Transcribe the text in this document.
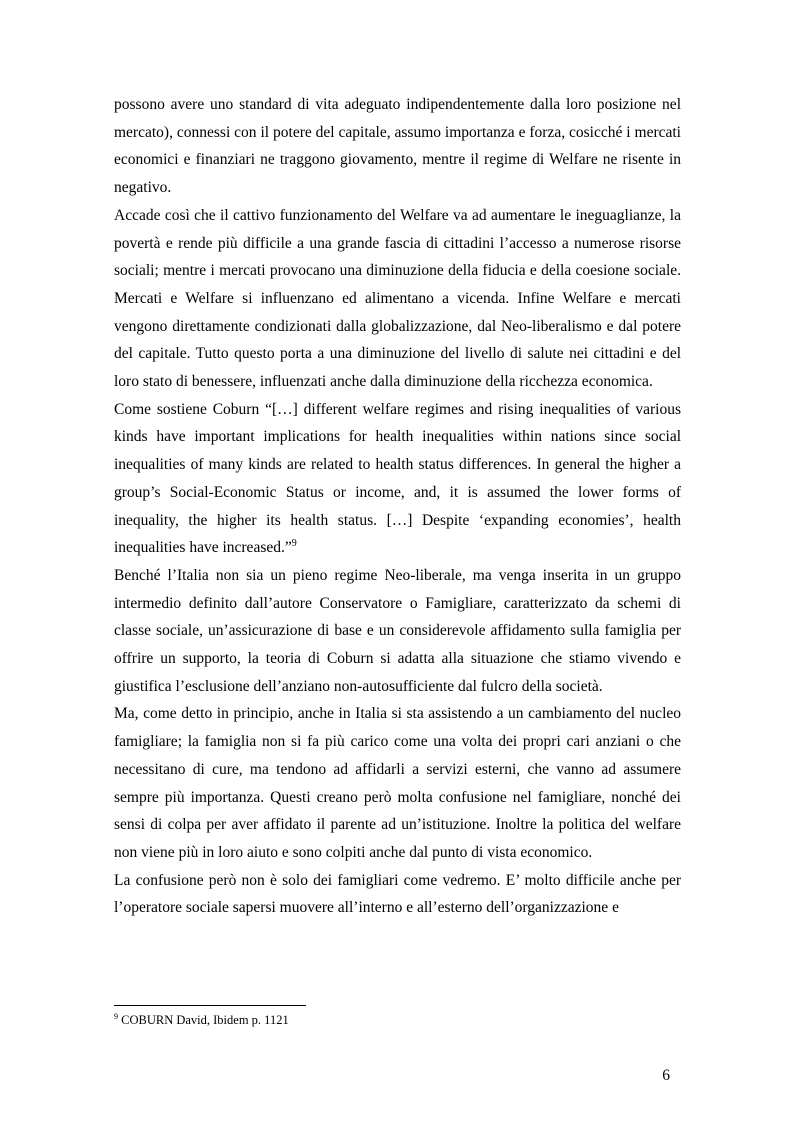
possono avere uno standard di vita adeguato indipendentemente dalla loro posizione nel mercato), connessi con il potere del capitale, assumo importanza e forza, cosicché i mercati economici e finanziari ne traggono giovamento, mentre il regime di Welfare ne risente in negativo.

Accade così che il cattivo funzionamento del Welfare va ad aumentare le ineguaglianze, la povertà e rende più difficile a una grande fascia di cittadini l’accesso a numerose risorse sociali; mentre i mercati provocano una diminuzione della fiducia e della coesione sociale. Mercati e Welfare si influenzano ed alimentano a vicenda. Infine Welfare e mercati vengono direttamente condizionati dalla globalizzazione, dal Neo-liberalismo e dal potere del capitale. Tutto questo porta a una diminuzione del livello di salute nei cittadini e del loro stato di benessere, influenzati anche dalla diminuzione della ricchezza economica.

Come sostiene Coburn “[…] different welfare regimes and rising inequalities of various kinds have important implications for health inequalities within nations since social inequalities of many kinds are related to health status differences. In general the higher a group’s Social-Economic Status or income, and, it is assumed the lower forms of inequality, the higher its health status. […] Despite ‘expanding economies’, health inequalities have increased.”$^9$

Benché l’Italia non sia un pieno regime Neo-liberale, ma venga inserita in un gruppo intermedio definito dall’autore Conservatore o Famigliare, caratterizzato da schemi di classe sociale, un’assicurazione di base e un considerevole affidamento sulla famiglia per offrire un supporto, la teoria di Coburn si adatta alla situazione che stiamo vivendo e giustifica l’esclusione dell’anziano non-autosufficiente dal fulcro della società.

Ma, come detto in principio, anche in Italia si sta assistendo a un cambiamento del nucleo famigliare; la famiglia non si fa più carico come una volta dei propri cari anziani o che necessitano di cure, ma tendono ad affidarli a servizi esterni, che vanno ad assumere sempre più importanza. Questi creano però molta confusione nel famigliare, nonché dei sensi di colpa per aver affidato il parente ad un’istituzione. Inoltre la politica del welfare non viene più in loro aiuto e sono colpiti anche dal punto di vista economico.

La confusione però non è solo dei famigliari come vedremo. E’ molto difficile anche per l’operatore sociale sapersi muovere all’interno e all’esterno dell’organizzazione e

$^9$ COBURN David, Ibidem p. 1121
6
